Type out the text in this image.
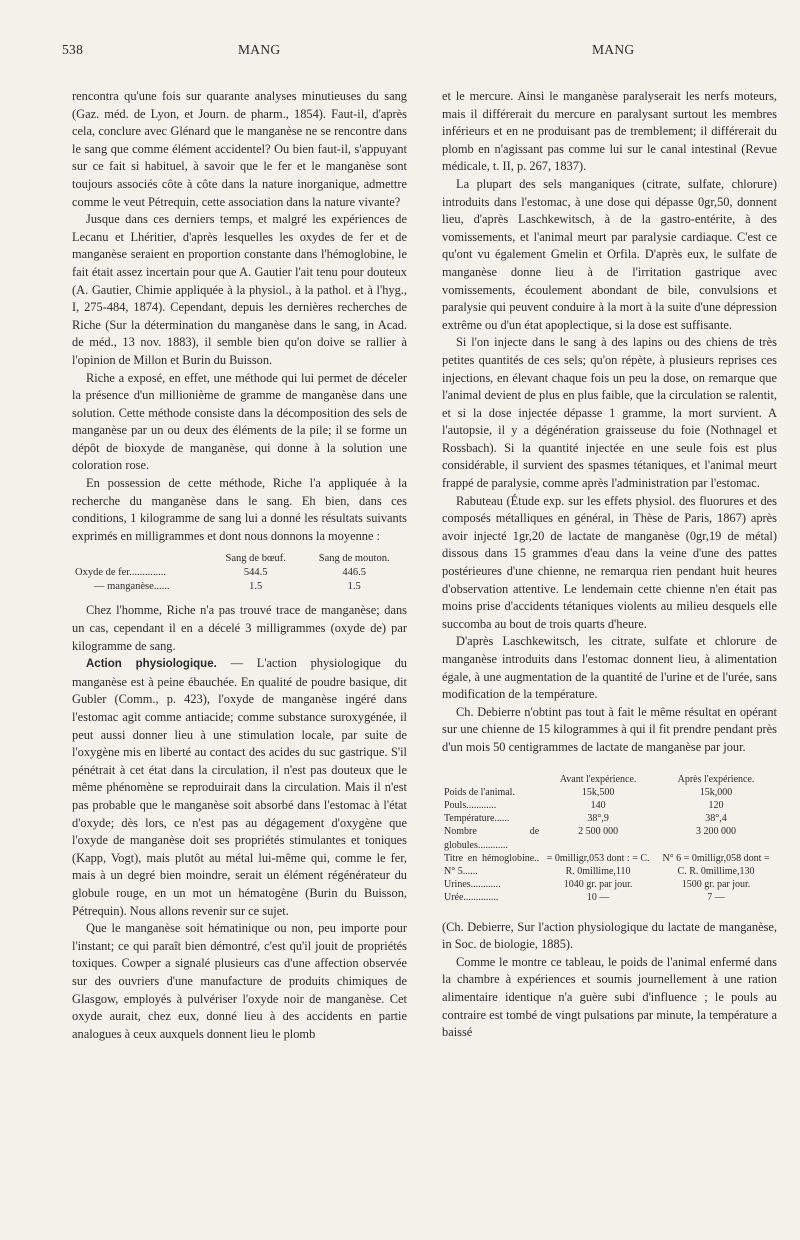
538	MANG	MANG

rencontra qu'une fois sur quarante analyses minutieuses du sang (Gaz. méd. de Lyon, et Journ. de pharm., 1854). Faut-il, d'après cela, conclure avec Glénard que le manganèse ne se rencontre dans le sang que comme élément accidentel? Ou bien faut-il, s'appuyant sur ce fait si habituel, à savoir que le fer et le manganèse sont toujours associés côte à côte dans la nature inorganique, admettre comme le veut Pétrequin, cette association dans la nature vivante?

Jusque dans ces derniers temps, et malgré les expériences de Lecanu et Lhéritier, d'après lesquelles les oxydes de fer et de manganèse seraient en proportion constante dans l'hémoglobine, le fait était assez incertain pour que A. Gautier l'ait tenu pour douteux (A. Gautier, Chimie appliquée à la physiol., à la pathol. et à l'hyg., I, 275-484, 1874). Cependant, depuis les dernières recherches de Riche (Sur la détermination du manganèse dans le sang, in Acad. de méd., 13 nov. 1883), il semble bien qu'on doive se rallier à l'opinion de Millon et Burin du Buisson.

Riche a exposé, en effet, une méthode qui lui permet de déceler la présence d'un millionième de gramme de manganèse dans une solution. Cette méthode consiste dans la décomposition des sels de manganèse par un ou deux des éléments de la pile; il se forme un dépôt de bioxyde de manganèse, qui donne à la solution une coloration rose.

En possession de cette méthode, Riche l'a appliquée à la recherche du manganèse dans le sang. Eh bien, dans ces conditions, 1 kilogramme de sang lui a donné les résultats suivants exprimés en milligrammes et dont nous donnons la moyenne :

	Sang de bœuf.	Sang de mouton.
Oxyde de fer..............	544.5	446.5
— manganèse......	1.5	1.5

Chez l'homme, Riche n'a pas trouvé trace de manganèse; dans un cas, cependant il en a décelé 3 milligrammes (oxyde de) par kilogramme de sang.

Action physiologique. — L'action physiologique du manganèse est à peine ébauchée. En qualité de poudre basique, dit Gubler (Comm., p. 423), l'oxyde de manganèse ingéré dans l'estomac agit comme antiacide; comme substance suroxygénée, il peut aussi donner lieu à une stimulation locale, par suite de l'oxygène mis en liberté au contact des acides du suc gastrique. S'il pénétrait à cet état dans la circulation, il n'est pas douteux que le même phénomène se reproduirait dans la circulation. Mais il n'est pas probable que le manganèse soit absorbé dans l'estomac à l'état d'oxyde; dès lors, ce n'est pas au dégagement d'oxygène que l'oxyde de manganèse doit ses propriétés stimulantes et toniques (Kapp, Vogt), mais plutôt au métal lui-même qui, comme le fer, mais à un degré bien moindre, serait un élément régénérateur du globule rouge, en un mot un hématogène (Burin du Buisson, Pétrequin). Nous allons revenir sur ce sujet.

Que le manganèse soit hématinique ou non, peu importe pour l'instant; ce qui paraît bien démontré, c'est qu'il jouit de propriétés toxiques. Cowper a signalé plusieurs cas d'une affection observée sur des ouvriers d'une manufacture de produits chimiques de Glasgow, employés à pulvériser l'oxyde noir de manganèse. Cet oxyde aurait, chez eux, donné lieu à des accidents en partie analogues à ceux auxquels donnent lieu le plomb

et le mercure. Ainsi le manganèse paralyserait les nerfs moteurs, mais il différerait du mercure en paralysant surtout les membres inférieurs et en ne produisant pas de tremblement; il différerait du plomb en n'agissant pas comme lui sur le canal intestinal (Revue médicale, t. II, p. 267, 1837).

La plupart des sels manganiques (citrate, sulfate, chlorure) introduits dans l'estomac, à une dose qui dépasse 0gr,50, donnent lieu, d'après Laschkewitsch, à de la gastro-entérite, à des vomissements, et l'animal meurt par paralysie cardiaque. C'est ce qu'ont vu également Gmelin et Orfila. D'après eux, le sulfate de manganèse donne lieu à de l'irritation gastrique avec vomissements, écoulement abondant de bile, convulsions et paralysie qui peuvent conduire à la mort à la suite d'une dépression extrême ou d'un état apoplectique, si la dose est suffisante.

Si l'on injecte dans le sang à des lapins ou des chiens de très petites quantités de ces sels; qu'on répète, à plusieurs reprises ces injections, en élevant chaque fois un peu la dose, on remarque que l'animal devient de plus en plus faible, que la circulation se ralentit, et si la dose injectée dépasse 1 gramme, la mort survient. A l'autopsie, il y a dégénération graisseuse du foie (Nothnagel et Rossbach). Si la quantité injectée en une seule fois est plus considérable, il survient des spasmes tétaniques, et l'animal meurt frappé de paralysie, comme après l'administration par l'estomac.

Rabuteau (Étude exp. sur les effets physiol. des fluorures et des composés métalliques en général, in Thèse de Paris, 1867) après avoir injecté 1gr,20 de lactate de manganèse (0gr,19 de métal) dissous dans 15 grammes d'eau dans la veine d'une des pattes postérieures d'une chienne, ne remarqua rien pendant huit heures d'observation attentive. Le lendemain cette chienne n'en était pas moins prise d'accidents tétaniques violents au milieu desquels elle succomba au bout de trois quarts d'heure.

D'après Laschkewitsch, les citrate, sulfate et chlorure de manganèse introduits dans l'estomac donnent lieu, à alimentation égale, à une augmentation de la quantité de l'urine et de l'urée, sans modification de la température.

Ch. Debierre n'obtint pas tout à fait le même résultat en opérant sur une chienne de 15 kilogrammes à qui il fit prendre pendant près d'un mois 50 centigrammes de lactate de manganèse par jour.

	Avant l'expérience.	Après l'expérience.
Poids de l'animal.	15k,500	15k,000
Pouls............	140	120
Température......	38°,9	38°,4
Nombre de globules............	2 500 000	3 200 000
Titre en hémoglobine.. N° 5......	= 0milligr,053 dont : = C. R. 0millime,110	N° 6 = 0milligr,058 dont = C. R. 0millime,130
Urines............	1040 gr. par jour.	1500 gr. par jour.
Urée..............	10 —	7 —

(Ch. Debierre, Sur l'action physiologique du lactate de manganèse, in Soc. de biologie, 1885).

Comme le montre ce tableau, le poids de l'animal enfermé dans la chambre à expériences et soumis journellement à une ration alimentaire identique n'a guère subi d'influence ; le pouls au contraire est tombé de vingt pulsations par minute, la température a baissé
